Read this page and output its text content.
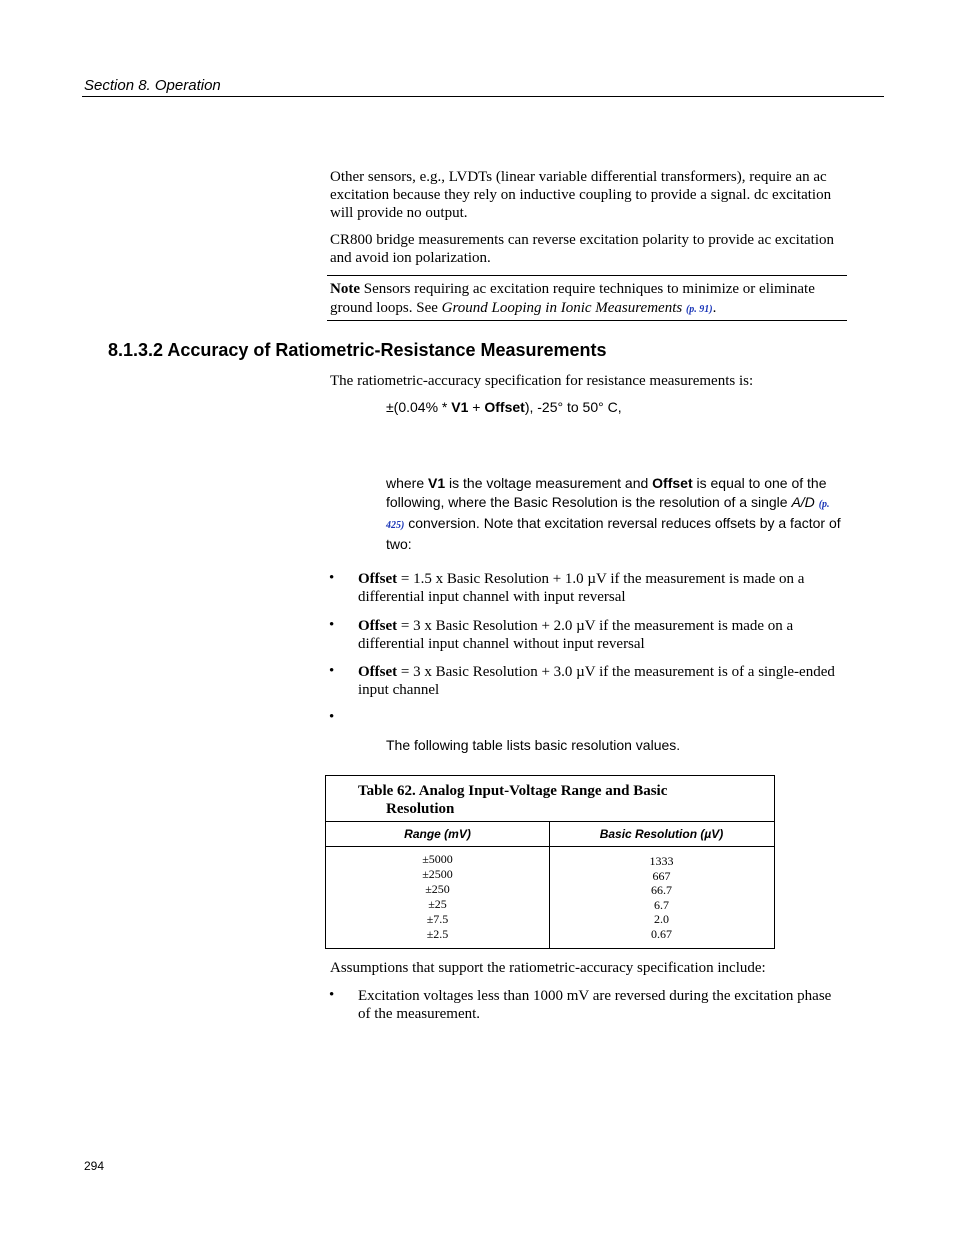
Section 8. Operation
Other sensors, e.g., LVDTs (linear variable differential transformers), require an ac excitation because they rely on inductive coupling to provide a signal. dc excitation will provide no output.
CR800 bridge measurements can reverse excitation polarity to provide ac excitation and avoid ion polarization.
Note Sensors requiring ac excitation require techniques to minimize or eliminate ground loops. See Ground Looping in Ionic Measurements (p. 91).
8.1.3.2 Accuracy of Ratiometric-Resistance Measurements
The ratiometric-accuracy specification for resistance measurements is:
±(0.04% * V1 + Offset), -25° to 50° C,
where V1 is the voltage measurement and Offset is equal to one of the following, where the Basic Resolution is the resolution of a single A/D (p. 425) conversion. Note that excitation reversal reduces offsets by a factor of two:
• Offset = 1.5 x Basic Resolution + 1.0 µV if the measurement is made on a differential input channel with input reversal
• Offset = 3 x Basic Resolution + 2.0 µV if the measurement is made on a differential input channel without input reversal
• Offset = 3 x Basic Resolution + 3.0 µV if the measurement is of a single-ended input channel
•
The following table lists basic resolution values.
Table 62. Analog Input-Voltage Range and Basic
Resolution
Range (mV)	Basic Resolution (µV)
±5000
±2500
±250
±25
±7.5
±2.5
1333
667
66.7
6.7
2.0
0.67
Assumptions that support the ratiometric-accuracy specification include:
• Excitation voltages less than 1000 mV are reversed during the excitation phase of the measurement.
294
